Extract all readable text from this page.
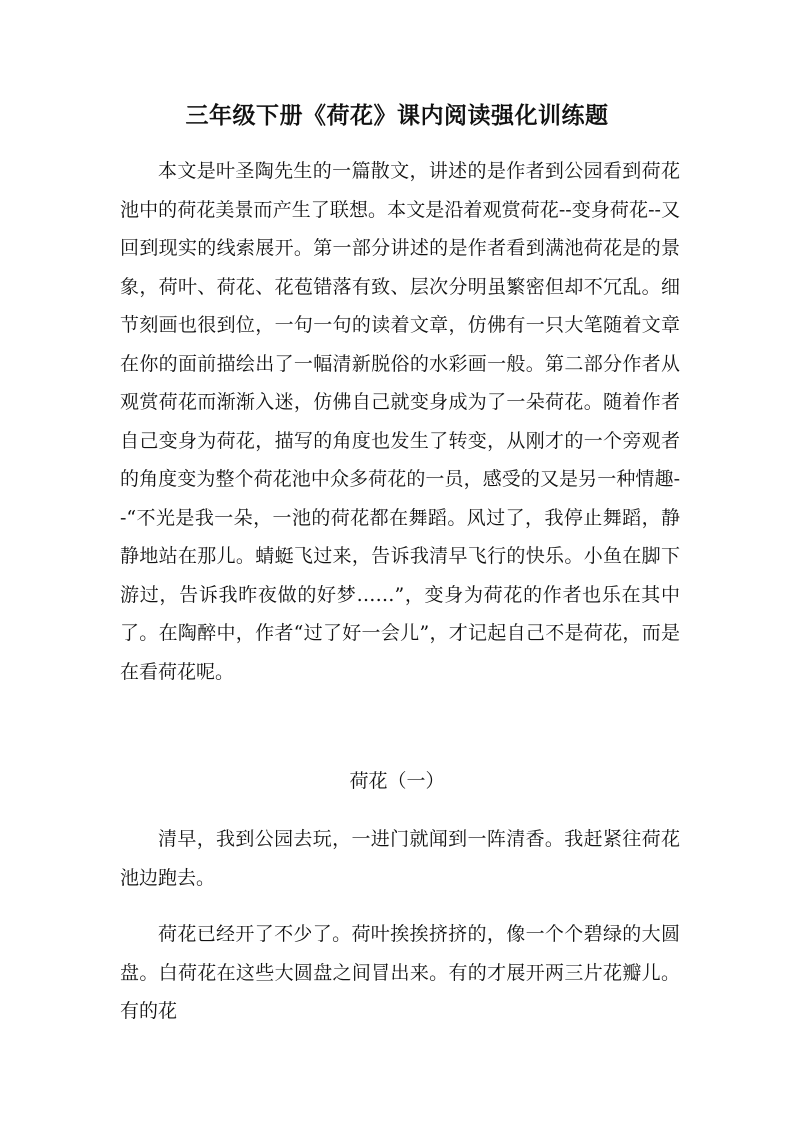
三年级下册《荷花》课内阅读强化训练题

本文是叶圣陶先生的一篇散文，讲述的是作者到公园看到荷花池中的荷花美景而产生了联想。本文是沿着观赏荷花--变身荷花--又回到现实的线索展开。第一部分讲述的是作者看到满池荷花是的景象，荷叶、荷花、花苞错落有致、层次分明虽繁密但却不冗乱。细节刻画也很到位，一句一句的读着文章，仿佛有一只大笔随着文章在你的面前描绘出了一幅清新脱俗的水彩画一般。第二部分作者从观赏荷花而渐渐入迷，仿佛自己就变身成为了一朵荷花。随着作者自己变身为荷花，描写的角度也发生了转变，从刚才的一个旁观者的角度变为整个荷花池中众多荷花的一员，感受的又是另一种情趣--“不光是我一朵，一池的荷花都在舞蹈。风过了，我停止舞蹈，静静地站在那儿。蜻蜓飞过来，告诉我清早飞行的快乐。小鱼在脚下游过，告诉我昨夜做的好梦……”，变身为荷花的作者也乐在其中了。在陶醉中，作者“过了好一会儿”，才记起自己不是荷花，而是在看荷花呢。

荷花（一）

清早，我到公园去玩，一进门就闻到一阵清香。我赶紧往荷花池边跑去。

荷花已经开了不少了。荷叶挨挨挤挤的，像一个个碧绿的大圆盘。白荷花在这些大圆盘之间冒出来。有的才展开两三片花瓣儿。有的花
